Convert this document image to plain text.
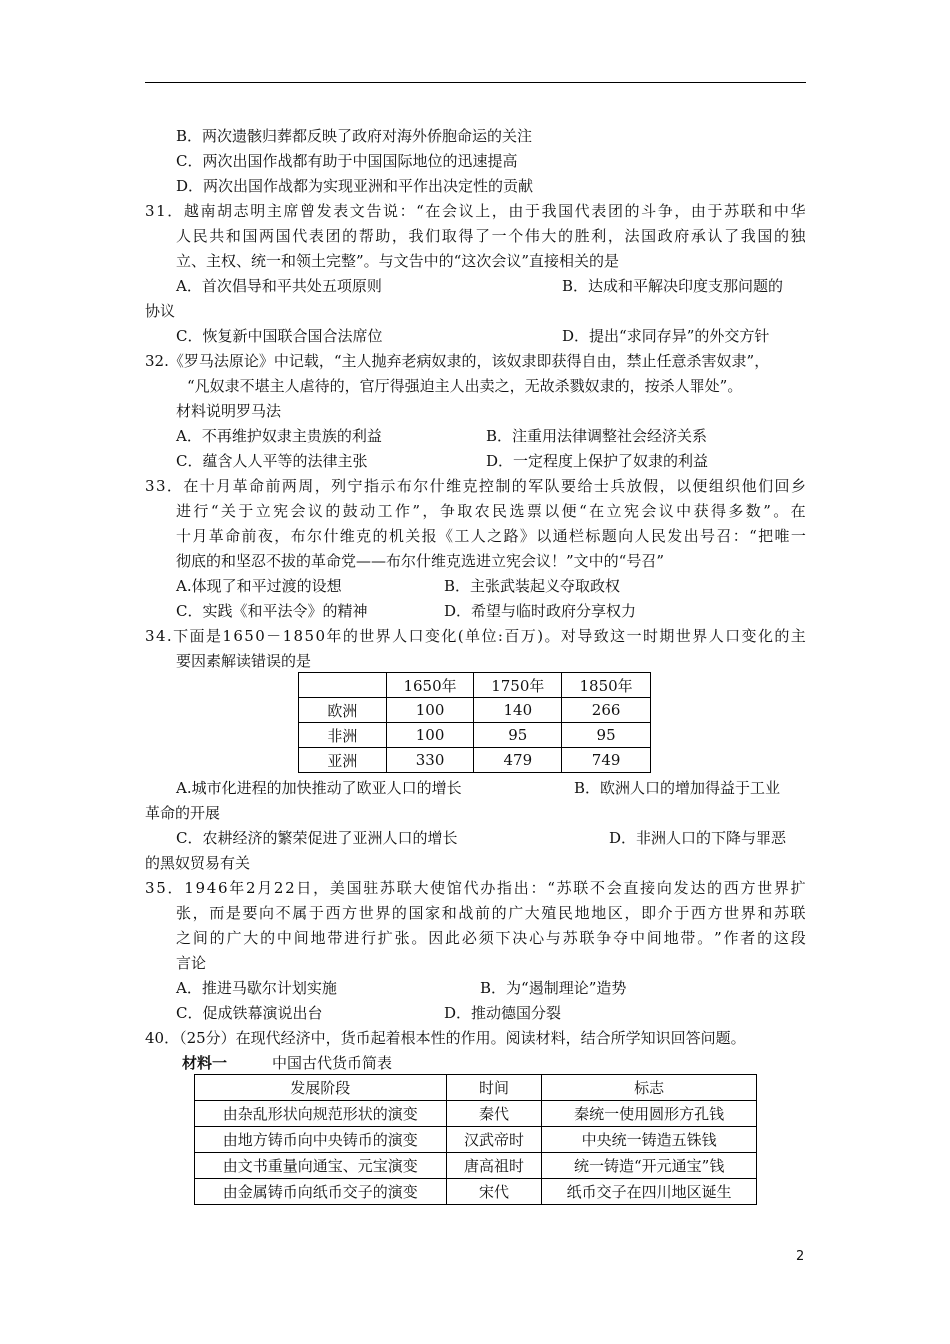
B．两次遗骸归葬都反映了政府对海外侨胞命运的关注
C．两次出国作战都有助于中国国际地位的迅速提高
D．两次出国作战都为实现亚洲和平作出决定性的贡献
3 1 ． 越 南 胡 志 明 主 席 曾 发 表 文 告 说 ： “ 在 会 议 上 ， 由 于 我 国 代 表 团 的 斗 争 ， 由 于 苏 联 和 中 华
人 民 共 和 国 两 国 代 表 团 的 帮 助 ， 我 们 取 得 了 一 个 伟 大 的 胜 利 ， 法 国 政 府 承 认 了 我 国 的 独
立、主权、统一和领土完整”。与文告中的“这次会议”直接相关的是
A．首次倡导和平共处五项原则	B．达成和平解决印度支那问题的
协议
C．恢复新中国联合国合法席位	D．提出“求同存异”的外交方针
32.《罗马法原论》中记载，“主人抛弃老病奴隶的，该奴隶即获得自由，禁止任意杀害奴隶”，
“凡奴隶不堪主人虐待的，官厅得强迫主人出卖之，无故杀戮奴隶的，按杀人罪处”。
材料说明罗马法
A．不再维护奴隶主贵族的利益	B．注重用法律调整社会经济关系
C．蕴含人人平等的法律主张	D．一定程度上保护了奴隶的利益
3 3 ． 在 十 月 革 命 前 两 周 ， 列 宁 指 示 布 尔 什 维 克 控 制 的 军 队 要 给 士 兵 放 假 ， 以 便 组 织 他 们 回 乡
进 行 “ 关 于 立 宪 会 议 的 鼓 动 工 作 ” ， 争 取 农 民 选 票 以 便 “ 在 立 宪 会 议 中 获 得 多 数 ” 。 在
十 月 革 命 前 夜 ， 布 尔 什 维 克 的 机 关 报 《 工 人 之 路 》 以 通 栏 标 题 向 人 民 发 出 号 召 ： “ 把 唯 一
彻底的和坚忍不拔的革命党——布尔什维克选进立宪会议！”文中的“号召”
A.体现了和平过渡的设想	B．主张武装起义夺取政权
C．实践《和平法令》的精神	D．希望与临时政府分享权力
3 4 . 下 面 是 1 6 5 0 － 1 8 5 0 年 的 世 界 人 口 变 化 ( 单 位 : 百 万 ) 。 对 导 致 这 一 时 期 世 界 人 口 变 化 的 主
要因素解读错误的是
	1650年	1750年	1850年
欧洲	100	140	266
非洲	100	95	95
亚洲	330	479	749
A.城市化进程的加快推动了欧亚人口的增长	B．欧洲人口的增加得益于工业
革命的开展
C．农耕经济的繁荣促进了亚洲人口的增长	D．非洲人口的下降与罪恶
的黑奴贸易有关
3 5 ． 1 9 4 6 年 2 月 2 2 日 ， 美 国 驻 苏 联 大 使 馆 代 办 指 出 ： “ 苏 联 不 会 直 接 向 发 达 的 西 方 世 界 扩
张 ， 而 是 要 向 不 属 于 西 方 世 界 的 国 家 和 战 前 的 广 大 殖 民 地 地 区 ， 即 介 于 西 方 世 界 和 苏 联
之 间 的 广 大 的 中 间 地 带 进 行 扩 张 。 因 此 必 须 下 决 心 与 苏 联 争 夺 中 间 地 带 。 ” 作 者 的 这 段
言论
A．推进马歇尔计划实施	B．为“遏制理论”造势
C．促成铁幕演说出台	D．推动德国分裂
40．（25分）在现代经济中，货币起着根本性的作用。阅读材料，结合所学知识回答问题。
材料一	中国古代货币简表
发展阶段	时间	标志
由杂乱形状向规范形状的演变	秦代	秦统一使用圆形方孔钱
由地方铸币向中央铸币的演变	汉武帝时	中央统一铸造五铢钱
由文书重量向通宝、元宝演变	唐高祖时	统一铸造“开元通宝”钱
由金属铸币向纸币交子的演变	宋代	纸币交子在四川地区诞生
2
